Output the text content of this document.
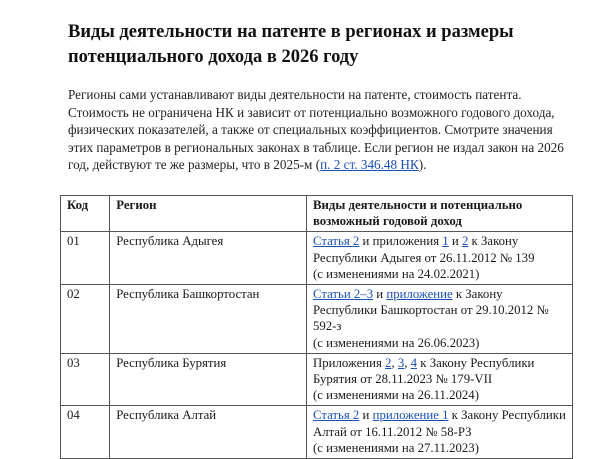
Виды деятельности на патенте в регионах и размеры потенциального дохода в 2026 году
Регионы сами устанавливают виды деятельности на патенте, стоимость патента. Стоимость не ограничена НК и зависит от потенциально возможного годового дохода, физических показателей, а также от специальных коэффициентов. Смотрите значения этих параметров в региональных законах в таблице. Если регион не издал закон на 2026 год, действуют те же размеры, что в 2025-м (п. 2 ст. 346.48 НК).
Код	Регион	Виды деятельности и потенциально возможный годовой доход
01	Республика Адыгея	Статья 2 и приложения 1 и 2 к Закону Республики Адыгея от 26.11.2012 № 139
(с изменениями на 24.02.2021)
02	Республика Башкортостан	Статьи 2–3 и приложение к Закону Республики Башкортостан от 29.10.2012 № 592-з
(с изменениями на 26.06.2023)
03	Республика Бурятия	Приложения 2, 3, 4 к Закону Республики Бурятия от 28.11.2023 № 179-VII
(с изменениями на 26.11.2024)
04	Республика Алтай	Статья 2 и приложение 1 к Закону Республики Алтай от 16.11.2012 № 58-РЗ
(с изменениями на 27.11.2023)
